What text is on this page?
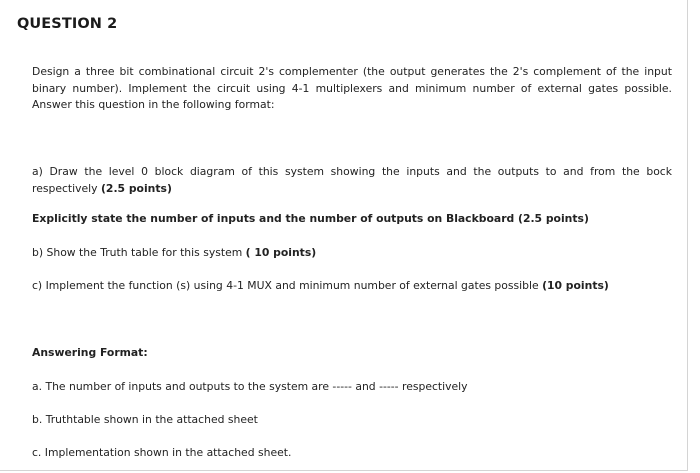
QUESTION 2
Design a three bit combinational circuit 2's complementer (the output generates the 2's complement of the input binary number). Implement the circuit using 4-1 multiplexers and minimum number of external gates possible. Answer this question in the following format:
a) Draw the level 0 block diagram of this system showing the inputs and the outputs to and from the bock respectively (2.5 points)
Explicitly state the number of inputs and the number of outputs on Blackboard (2.5 points)
b) Show the Truth table for this system ( 10 points)
c) Implement the function (s) using 4-1 MUX and minimum number of external gates possible (10 points)
Answering Format:
a. The number of inputs and outputs to the system are ----- and ----- respectively
b. Truthtable shown in the attached sheet
c. Implementation shown in the attached sheet.
